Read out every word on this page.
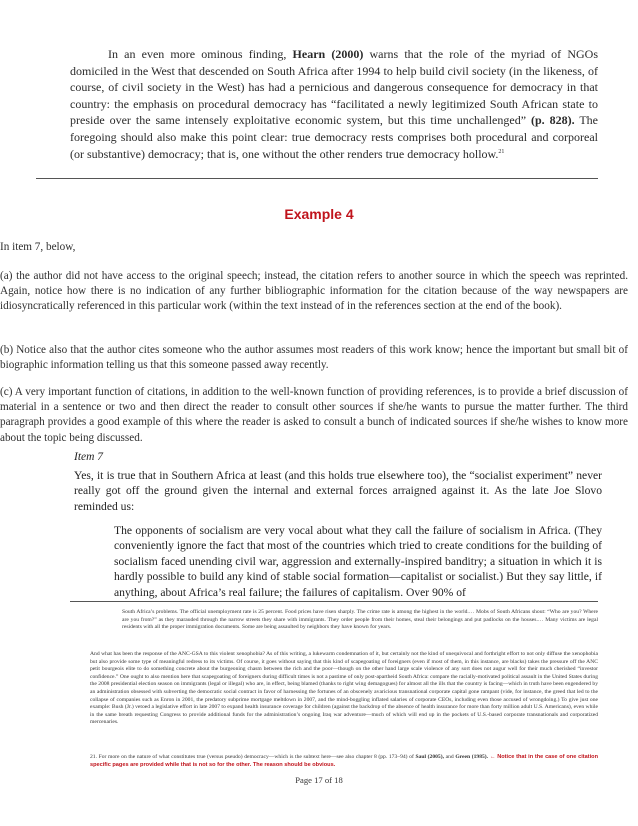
In an even more ominous finding, Hearn (2000) warns that the role of the myriad of NGOs domiciled in the West that descended on South Africa after 1994 to help build civil society (in the likeness, of course, of civil society in the West) has had a pernicious and dangerous consequence for democracy in that country: the emphasis on procedural democracy has “facilitated a newly legitimized South African state to preside over the same intensely exploitative economic system, but this time unchallenged” (p. 828). The foregoing should also make this point clear: true democracy rests comprises both procedural and corporeal (or substantive) democracy; that is, one without the other renders true democracy hollow.$^{21}$
Example 4
In item 7, below,
(a) the author did not have access to the original speech; instead, the citation refers to another source in which the speech was reprinted. Again, notice how there is no indication of any further bibliographic information for the citation because of the way newspapers are idiosyncratically referenced in this particular work (within the text instead of in the references section at the end of the book).
(b) Notice also that the author cites someone who the author assumes most readers of this work know; hence the important but small bit of biographic information telling us that this someone passed away recently.
(c) A very important function of citations, in addition to the well-known function of providing references, is to provide a brief discussion of material in a sentence or two and then direct the reader to consult other sources if she/he wants to pursue the matter further. The third paragraph provides a good example of this where the reader is asked to consult a bunch of indicated sources if she/he wishes to know more about the topic being discussed.
Item 7
Yes, it is true that in Southern Africa at least (and this holds true elsewhere too), the “socialist experiment” never really got off the ground given the internal and external forces arraigned against it. As the late Joe Slovo reminded us:
The opponents of socialism are very vocal about what they call the failure of socialism in Africa. (They conveniently ignore the fact that most of the countries which tried to create conditions for the building of socialism faced unending civil war, aggression and externally-inspired banditry; a situation in which it is hardly possible to build any kind of stable social formation—capitalist or socialist.) But they say little, if anything, about Africa’s real failure; the failures of capitalism. Over 90% of
South Africa’s problems. The official unemployment rate is 25 percent. Food prices have risen sharply. The crime rate is among the highest in the world.… Mobs of South Africans shout: “Who are you? Where are you from?” as they marauded through the narrow streets they share with immigrants. They order people from their homes, steal their belongings and put padlocks on the houses.… Many victims are legal residents with all the proper immigration documents. Some are being assaulted by neighbors they have known for years.
And what has been the response of the ANC-GSA to this violent xenophobia? As of this writing, a lukewarm condemnation of it, but certainly not the kind of unequivocal and forthright effort to not only diffuse the xenophobia but also provide some type of meaningful redress to its victims. Of course, it goes without saying that this kind of scapegoating of foreigners (even if most of them, in this instance, are blacks) takes the pressure off the ANC petit bourgeois elite to do something concrete about the burgeoning chasm between the rich and the poor—though on the other hand large scale violence of any sort does not augur well for their much cherished “investor confidence.” One ought to also mention here that scapegoating of foreigners during difficult times is not a pastime of only post-apartheid South Africa: compare the racially-motivated political assault in the United States during the 2008 presidential election season on immigrants (legal or illegal) who are, in effect, being blamed (thanks to right wing demagogues) for almost all the ills that the country is facing—which in truth have been engendered by an administration obsessed with subverting the democratic social contract in favor of harnessing the fortunes of an obscenely avaricious transnational corporate capital gone rampant (vide, for instance, the greed that led to the collapse of companies such as Enron in 2001, the predatory subprime mortgage meltdown in 2007, and the mind-boggling inflated salaries of corporate CEOs, including even those accused of wrongdoing.) To give just one example: Bush (Jr.) vetoed a legislative effort in late 2007 to expand health insurance coverage for children (against the backdrop of the absence of health insurance for more than forty million adult U.S. Americans), even while in the same breath requesting Congress to provide additional funds for the administration’s ongoing Iraq war adventure—much of which will end up in the pockets of U.S.-based corporate transnationals and corporatized mercenaries.
21. For more on the nature of what constitutes true (versus pseudo) democracy—which is the subtext here—see also chapter 8 (pp. 173–94) of Saul (2005), and Green (1985). ← Notice that in the case of one citation specific pages are provided while that is not so for the other. The reason should be obvious.
Page 17 of 18
